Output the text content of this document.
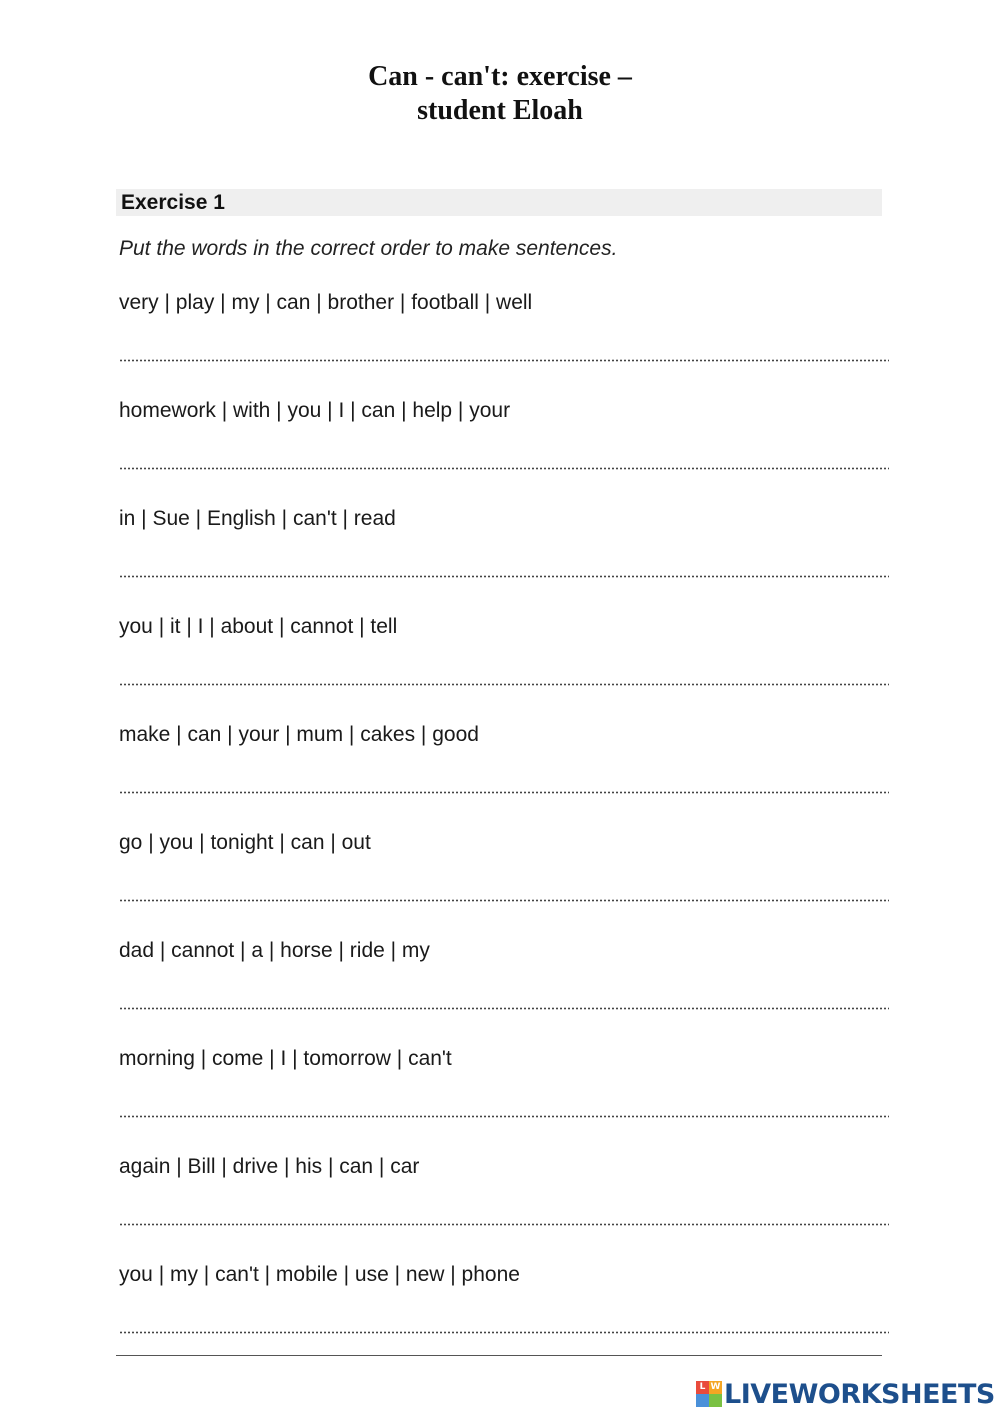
Can - can't: exercise –
student Eloah
Exercise 1
Put the words in the correct order to make sentences.
very | play | my | can | brother | football | well
homework | with | you | I | can | help | your
in | Sue | English | can't | read
you | it | I | about | cannot | tell
make | can | your | mum | cakes | good
go | you | tonight | can | out
dad | cannot | a | horse | ride | my
morning | come | I | tomorrow | can't
again | Bill | drive | his | can | car
you | my | can't | mobile | use | new | phone
L W LIVEWORKSHEETS
